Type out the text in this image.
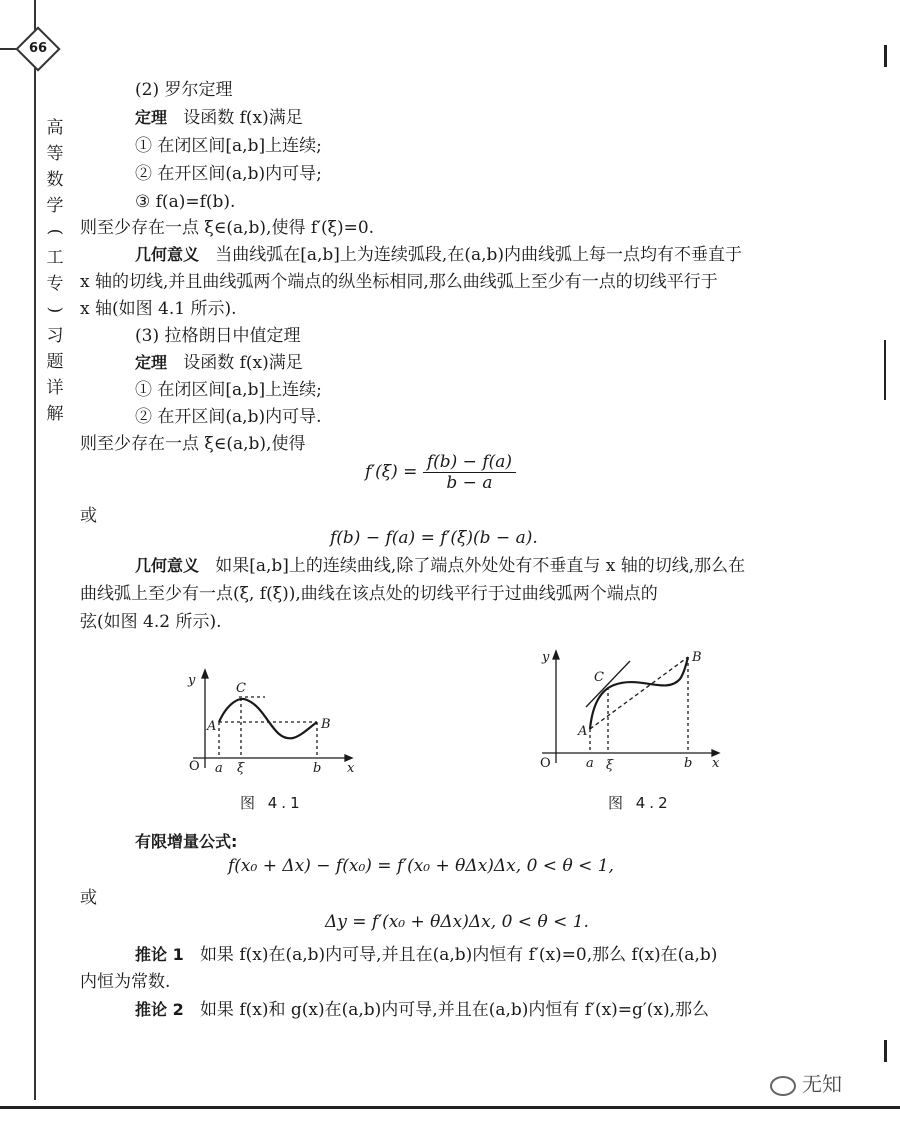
66
高
等
数
学
(
工
专
)
习
题
详
解
(2) 罗尔定理
定理 设函数 f(x)满足
① 在闭区间[a,b]上连续;
② 在开区间(a,b)内可导;
③ f(a)=f(b).
则至少存在一点 ξ∈(a,b),使得 f′(ξ)=0.
几何意义 当曲线弧在[a,b]上为连续弧段,在(a,b)内曲线弧上每一点均有不垂直于
x 轴的切线,并且曲线弧两个端点的纵坐标相同,那么曲线弧上至少有一点的切线平行于
x 轴(如图 4.1 所示).
(3) 拉格朗日中值定理
定理 设函数 f(x)满足
① 在闭区间[a,b]上连续;
② 在开区间(a,b)内可导.
则至少存在一点 ξ∈(a,b),使得
$f'(\xi) = \frac{f(b) - f(a)}{b - a}$
或
f(b) − f(a) = f′(ξ)(b − a).
几何意义 如果[a,b]上的连续曲线,除了端点外处处有不垂直与 x 轴的切线,那么在
曲线弧上至少有一点(ξ, f(ξ)),曲线在该点处的切线平行于过曲线弧两个端点的
弦(如图 4.2 所示).
y
x
O
A	B
C
a ξ	b
图 4.1
y
x
O
A
B
C
a ξ	b
图 4.2
有限增量公式:
f(x₀ + Δx) − f(x₀) = f′(x₀ + θΔx)Δx, 0 < θ < 1,
或
Δy = f′(x₀ + θΔx)Δx, 0 < θ < 1.
推论 1 如果 f(x)在(a,b)内可导,并且在(a,b)内恒有 f′(x)=0,那么 f(x)在(a,b)
内恒为常数.
推论 2 如果 f(x)和 g(x)在(a,b)内可导,并且在(a,b)内恒有 f′(x)=g′(x),那么
无知
